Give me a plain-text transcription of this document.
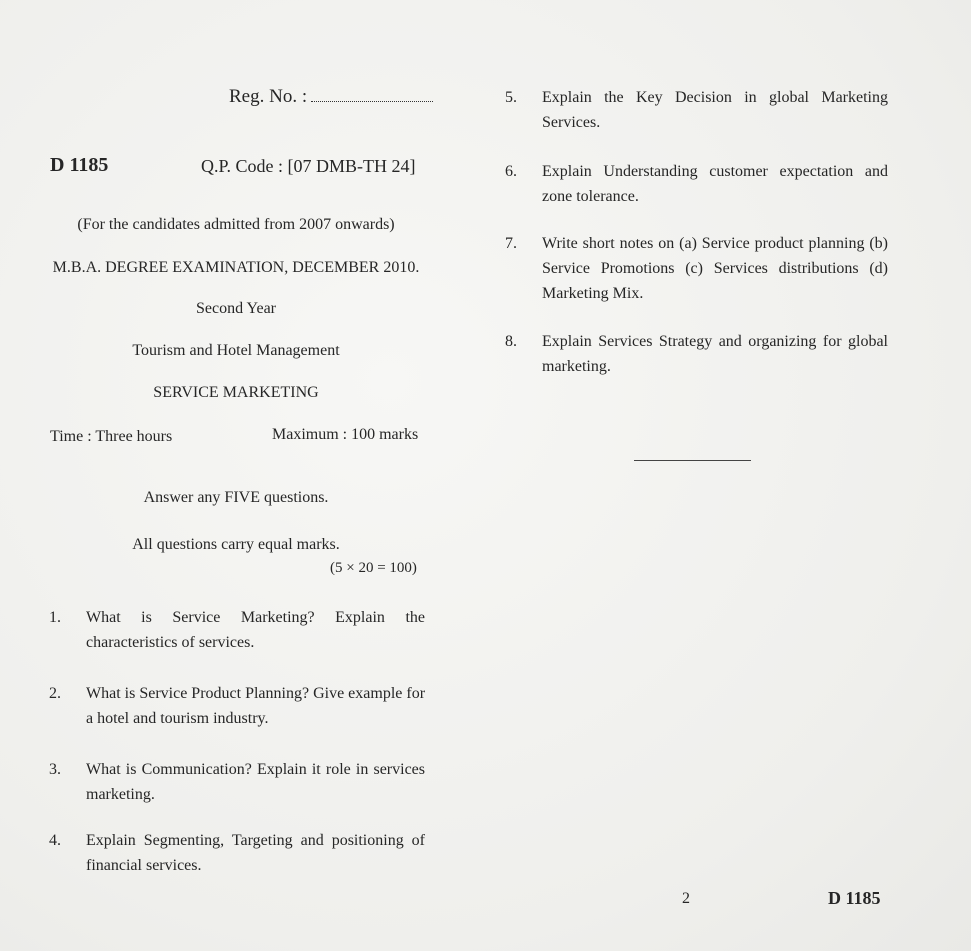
Reg. No. :
D 1185	Q.P. Code : [07 DMB-TH 24]
(For the candidates admitted from 2007 onwards)
M.B.A. DEGREE EXAMINATION, DECEMBER 2010.
Second Year
Tourism and Hotel Management
SERVICE MARKETING
Time : Three hours	Maximum : 100 marks
Answer any FIVE questions.
All questions carry equal marks.
(5 × 20 = 100)
1. What is Service Marketing? Explain the characteristics of services.
2. What is Service Product Planning? Give example for a hotel and tourism industry.
3. What is Communication? Explain it role in services marketing.
4. Explain Segmenting, Targeting and positioning of financial services.
5. Explain the Key Decision in global Marketing Services.
6. Explain Understanding customer expectation and zone tolerance.
7. Write short notes on (a) Service product planning (b) Service Promotions (c) Services distributions (d) Marketing Mix.
8. Explain Services Strategy and organizing for global marketing.
2	D 1185
